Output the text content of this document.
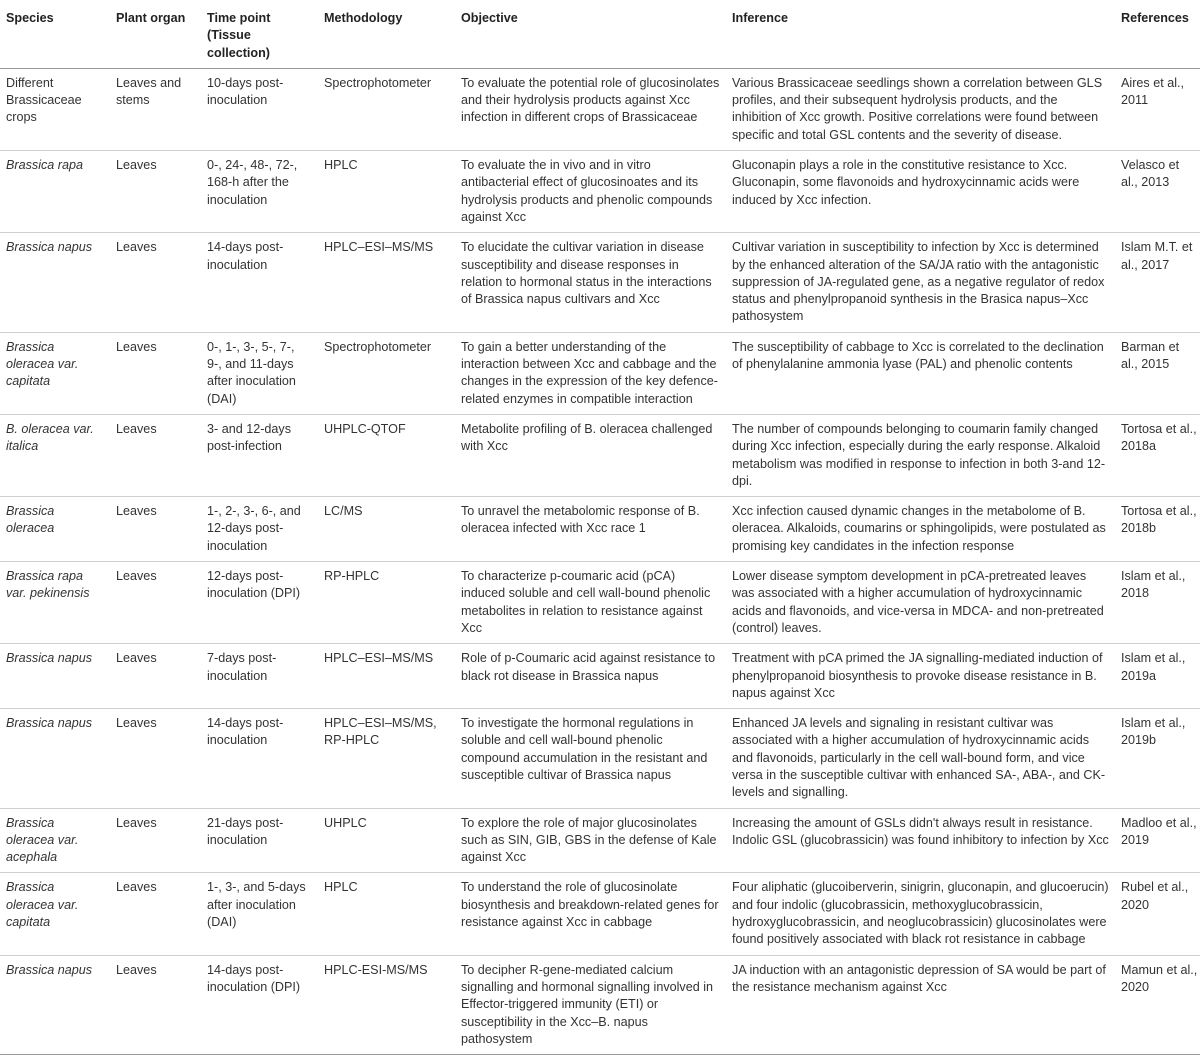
Species	Plant organ	Time point (Tissue collection)	Methodology	Objective	Inference	References
Different Brassicaceae crops	Leaves and stems	10-days post-inoculation	Spectrophotometer	To evaluate the potential role of glucosinolates and their hydrolysis products against Xcc infection in different crops of Brassicaceae	Various Brassicaceae seedlings shown a correlation between GLS profiles, and their subsequent hydrolysis products, and the inhibition of Xcc growth. Positive correlations were found between specific and total GSL contents and the severity of disease.	Aires et al., 2011
Brassica rapa	Leaves	0-, 24-, 48-, 72-, 168-h after the inoculation	HPLC	To evaluate the in vivo and in vitro antibacterial effect of glucosinoates and its hydrolysis products and phenolic compounds against Xcc	Gluconapin plays a role in the constitutive resistance to Xcc. Gluconapin, some flavonoids and hydroxycinnamic acids were induced by Xcc infection.	Velasco et al., 2013
Brassica napus	Leaves	14-days post-inoculation	HPLC–ESI–MS/MS	To elucidate the cultivar variation in disease susceptibility and disease responses in relation to hormonal status in the interactions of Brassica napus cultivars and Xcc	Cultivar variation in susceptibility to infection by Xcc is determined by the enhanced alteration of the SA/JA ratio with the antagonistic suppression of JA-regulated gene, as a negative regulator of redox status and phenylpropanoid synthesis in the Brasica napus–Xcc pathosystem	Islam M.T. et al., 2017
Brassica oleracea var. capitata	Leaves	0-, 1-, 3-, 5-, 7-, 9-, and 11-days after inoculation (DAI)	Spectrophotometer	To gain a better understanding of the interaction between Xcc and cabbage and the changes in the expression of the key defence-related enzymes in compatible interaction	The susceptibility of cabbage to Xcc is correlated to the declination of phenylalanine ammonia lyase (PAL) and phenolic contents	Barman et al., 2015
B. oleracea var. italica	Leaves	3- and 12-days post-infection	UHPLC-QTOF	Metabolite profiling of B. oleracea challenged with Xcc	The number of compounds belonging to coumarin family changed during Xcc infection, especially during the early response. Alkaloid metabolism was modified in response to infection in both 3-and 12-dpi.	Tortosa et al., 2018a
Brassica oleracea	Leaves	1-, 2-, 3-, 6-, and 12-days post-inoculation	LC/MS	To unravel the metabolomic response of B. oleracea infected with Xcc race 1	Xcc infection caused dynamic changes in the metabolome of B. oleracea. Alkaloids, coumarins or sphingolipids, were postulated as promising key candidates in the infection response	Tortosa et al., 2018b
Brassica rapa var. pekinensis	Leaves	12-days post-inoculation (DPI)	RP-HPLC	To characterize p-coumaric acid (pCA) induced soluble and cell wall-bound phenolic metabolites in relation to resistance against Xcc	Lower disease symptom development in pCA-pretreated leaves was associated with a higher accumulation of hydroxycinnamic acids and flavonoids, and vice-versa in MDCA- and non-pretreated (control) leaves.	Islam et al., 2018
Brassica napus	Leaves	7-days post-inoculation	HPLC–ESI–MS/MS	Role of p-Coumaric acid against resistance to black rot disease in Brassica napus	Treatment with pCA primed the JA signalling-mediated induction of phenylpropanoid biosynthesis to provoke disease resistance in B. napus against Xcc	Islam et al., 2019a
Brassica napus	Leaves	14-days post-inoculation	HPLC–ESI–MS/MS, RP-HPLC	To investigate the hormonal regulations in soluble and cell wall-bound phenolic compound accumulation in the resistant and susceptible cultivar of Brassica napus	Enhanced JA levels and signaling in resistant cultivar was associated with a higher accumulation of hydroxycinnamic acids and flavonoids, particularly in the cell wall-bound form, and vice versa in the susceptible cultivar with enhanced SA-, ABA-, and CK- levels and signalling.	Islam et al., 2019b
Brassica oleracea var. acephala	Leaves	21-days post-inoculation	UHPLC	To explore the role of major glucosinolates such as SIN, GIB, GBS in the defense of Kale against Xcc	Increasing the amount of GSLs didn't always result in resistance. Indolic GSL (glucobrassicin) was found inhibitory to infection by Xcc	Madloo et al., 2019
Brassica oleracea var. capitata	Leaves	1-, 3-, and 5-days after inoculation (DAI)	HPLC	To understand the role of glucosinolate biosynthesis and breakdown-related genes for resistance against Xcc in cabbage	Four aliphatic (glucoiberverin, sinigrin, gluconapin, and glucoerucin) and four indolic (glucobrassicin, methoxyglucobrassicin, hydroxyglucobrassicin, and neoglucobrassicin) glucosinolates were found positively associated with black rot resistance in cabbage	Rubel et al., 2020
Brassica napus	Leaves	14-days post-inoculation (DPI)	HPLC-ESI-MS/MS	To decipher R-gene-mediated calcium signalling and hormonal signalling involved in Effector-triggered immunity (ETI) or susceptibility in the Xcc–B. napus pathosystem	JA induction with an antagonistic depression of SA would be part of the resistance mechanism against Xcc	Mamun et al., 2020
